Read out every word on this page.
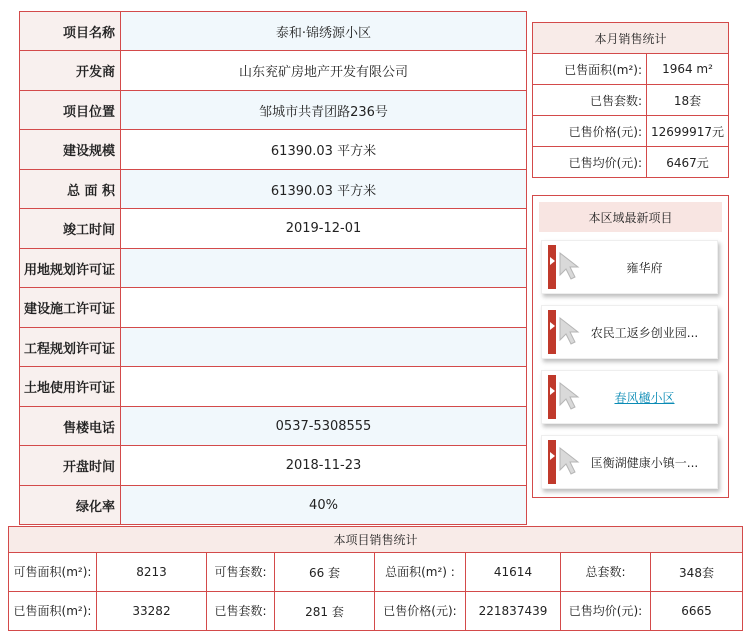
项目名称	泰和·锦绣源小区
开发商	山东兖矿房地产开发有限公司
项目位置	邹城市共青团路236号
建设规模	61390.03 平方米
总 面 积	61390.03 平方米
竣工时间	2019-12-01
用地规划许可证
建设施工许可证
工程规划许可证
土地使用许可证
售楼电话	0537-5308555
开盘时间	2018-11-23
绿化率	40%
本月销售统计
已售面积(m²):	1964 m²
已售套数:	18套
已售价格(元): 12699917元
已售均价(元):	6467元
本区域最新项目
雍华府
农民工返乡创业园...
春风樾小区
匡衡湖健康小镇一...
本项目销售统计
可售面积(m²):	8213	可售套数:	66 套	总面积(m²) :	41614	总套数:	348套
已售面积(m²):	33282	已售套数:	281 套	已售价格(元):	221837439	已售均价(元):	6665
